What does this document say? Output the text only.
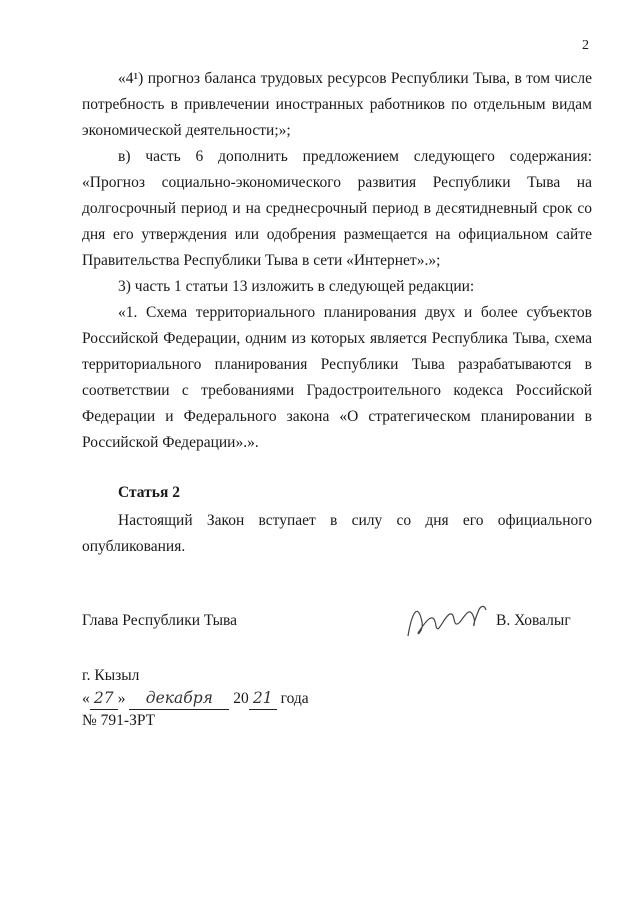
2

«4¹) прогноз баланса трудовых ресурсов Республики Тыва, в том числе потребность в привлечении иностранных работников по отдельным видам экономической деятельности;»;

в) часть 6 дополнить предложением следующего содержания: «Прогноз социально-экономического развития Республики Тыва на долгосрочный период и на среднесрочный период в десятидневный срок со дня его утверждения или одобрения размещается на официальном сайте Правительства Республики Тыва в сети «Интернет».»;

3) часть 1 статьи 13 изложить в следующей редакции:

«1. Схема территориального планирования двух и более субъектов Российской Федерации, одним из которых является Республика Тыва, схема территориального планирования Республики Тыва разрабатываются в соответствии с требованиями Градостроительного кодекса Российской Федерации и Федерального закона «О стратегическом планировании в Российской Федерации».».

Статья 2

Настоящий Закон вступает в силу со дня его официального опубликования.

Глава Республики Тыва	В. Ховалыг
г. Кызыл
« 27 » декабря 20 21 года
№ 791-ЗРТ
